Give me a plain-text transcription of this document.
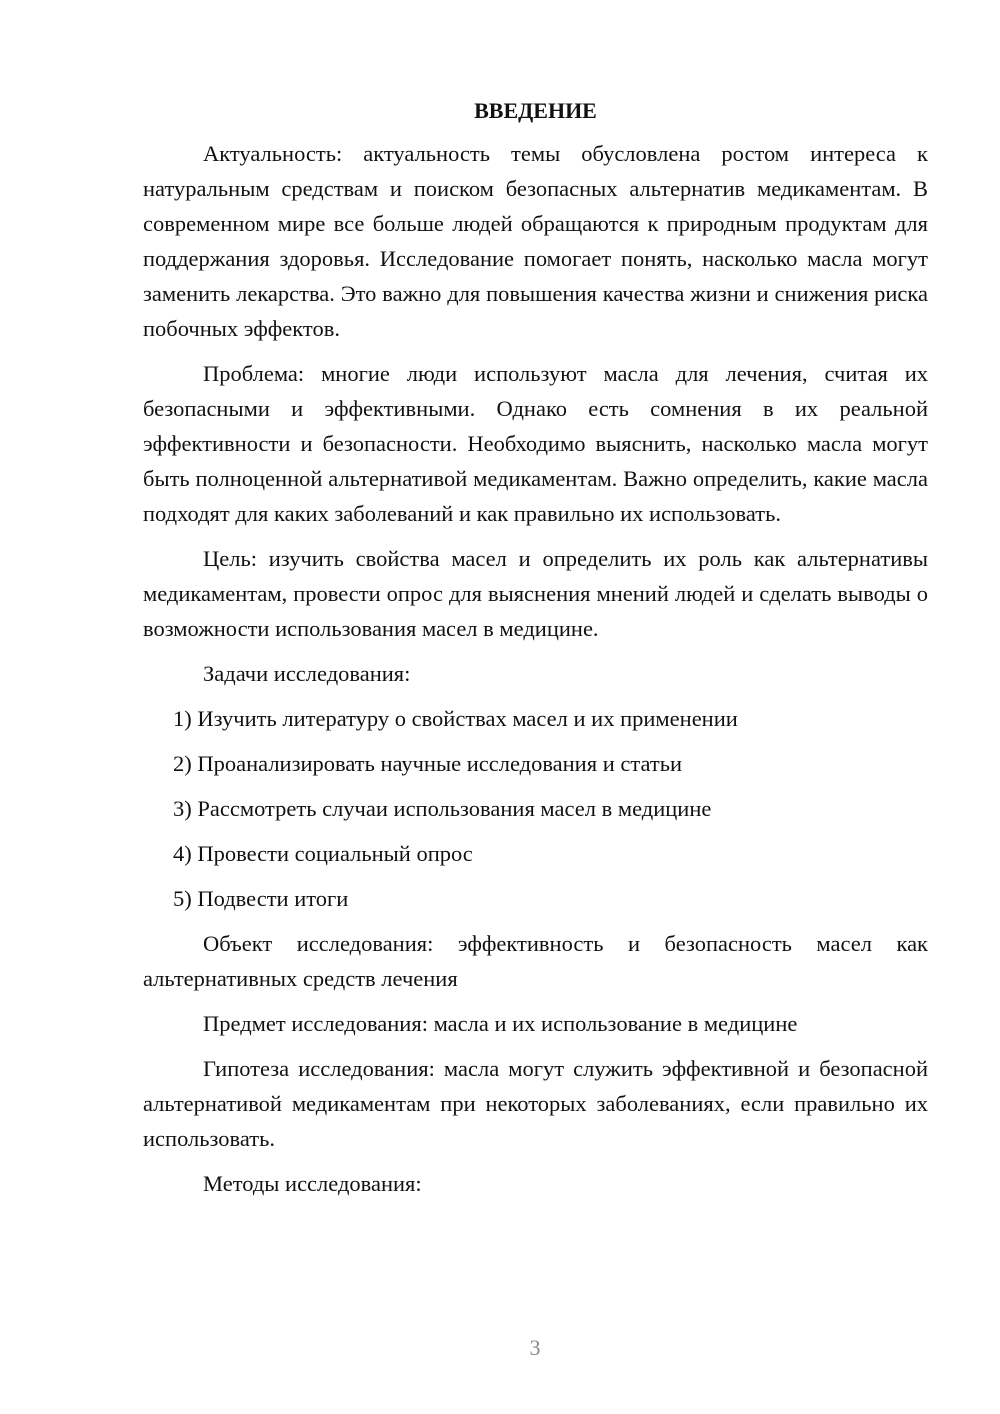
ВВЕДЕНИЕ

Актуальность: актуальность темы обусловлена ростом интереса к натуральным средствам и поиском безопасных альтернатив медикаментам. В современном мире все больше людей обращаются к природным продуктам для поддержания здоровья. Исследование помогает понять, насколько масла могут заменить лекарства. Это важно для повышения качества жизни и снижения риска побочных эффектов.

Проблема: многие люди используют масла для лечения, считая их безопасными и эффективными. Однако есть сомнения в их реальной эффективности и безопасности. Необходимо выяснить, насколько масла могут быть полноценной альтернативой медикаментам. Важно определить, какие масла подходят для каких заболеваний и как правильно их использовать.

Цель: изучить свойства масел и определить их роль как альтернативы медикаментам, провести опрос для выяснения мнений людей и сделать выводы о возможности использования масел в медицине.

Задачи исследования:

1) Изучить литературу о свойствах масел и их применении
2) Проанализировать научные исследования и статьи
3) Рассмотреть случаи использования масел в медицине
4) Провести социальный опрос
5) Подвести итоги

Объект исследования: эффективность и безопасность масел как альтернативных средств лечения

Предмет исследования: масла и их использование в медицине

Гипотеза исследования: масла могут служить эффективной и безопасной альтернативой медикаментам при некоторых заболеваниях, если правильно их использовать.

Методы исследования:

3
